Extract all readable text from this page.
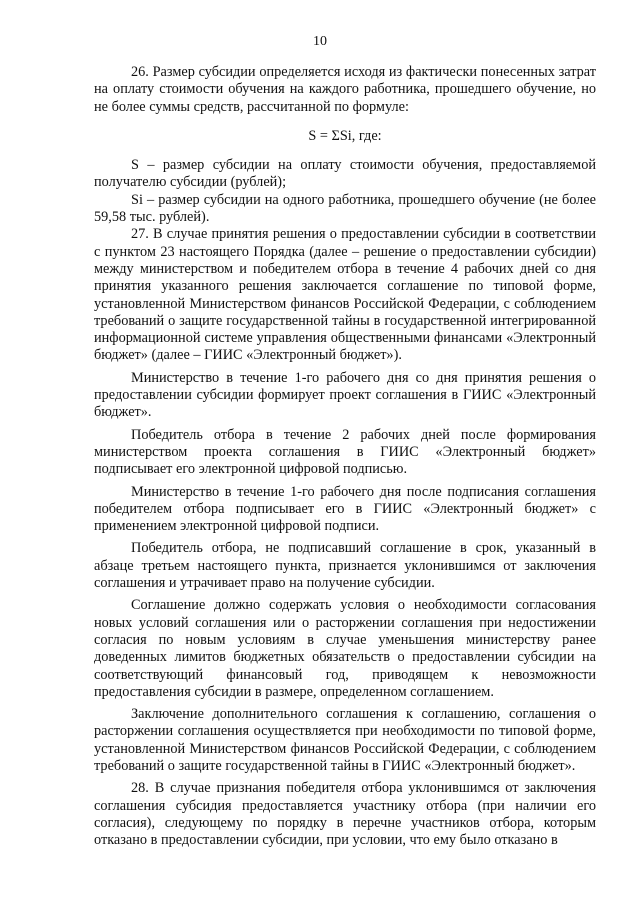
10

26. Размер субсидии определяется исходя из фактически понесенных затрат на оплату стоимости обучения на каждого работника, прошедшего обучение, но не более суммы средств, рассчитанной по формуле:

S = ΣSi, где:

S – размер субсидии на оплату стоимости обучения, предоставляемой получателю субсидии (рублей);

Si – размер субсидии на одного работника, прошедшего обучение (не более 59,58 тыс. рублей).

27. В случае принятия решения о предоставлении субсидии в соответствии с пунктом 23 настоящего Порядка (далее – решение о предоставлении субсидии) между министерством и победителем отбора в течение 4 рабочих дней со дня принятия указанного решения заключается соглашение по типовой форме, установленной Министерством финансов Российской Федерации, с соблюдением требований о защите государственной тайны в государственной интегрированной информационной системе управления общественными финансами «Электронный бюджет» (далее – ГИИС «Электронный бюджет»).

Министерство в течение 1-го рабочего дня со дня принятия решения о предоставлении субсидии формирует проект соглашения в ГИИС «Электронный бюджет».

Победитель отбора в течение 2 рабочих дней после формирования министерством проекта соглашения в ГИИС «Электронный бюджет» подписывает его электронной цифровой подписью.

Министерство в течение 1-го рабочего дня после подписания соглашения победителем отбора подписывает его в ГИИС «Электронный бюджет» с применением электронной цифровой подписи.

Победитель отбора, не подписавший соглашение в срок, указанный в абзаце третьем настоящего пункта, признается уклонившимся от заключения соглашения и утрачивает право на получение субсидии.

Соглашение должно содержать условия о необходимости согласования новых условий соглашения или о расторжении соглашения при недостижении согласия по новым условиям в случае уменьшения министерству ранее доведенных лимитов бюджетных обязательств о предоставлении субсидии на соответствующий финансовый год, приводящем к невозможности предоставления субсидии в размере, определенном соглашением.

Заключение дополнительного соглашения к соглашению, соглашения о расторжении соглашения осуществляется при необходимости по типовой форме, установленной Министерством финансов Российской Федерации, с соблюдением требований о защите государственной тайны в ГИИС «Электронный бюджет».

28. В случае признания победителя отбора уклонившимся от заключения соглашения субсидия предоставляется участнику отбора (при наличии его согласия), следующему по порядку в перечне участников отбора, которым отказано в предоставлении субсидии, при условии, что ему было отказано в
